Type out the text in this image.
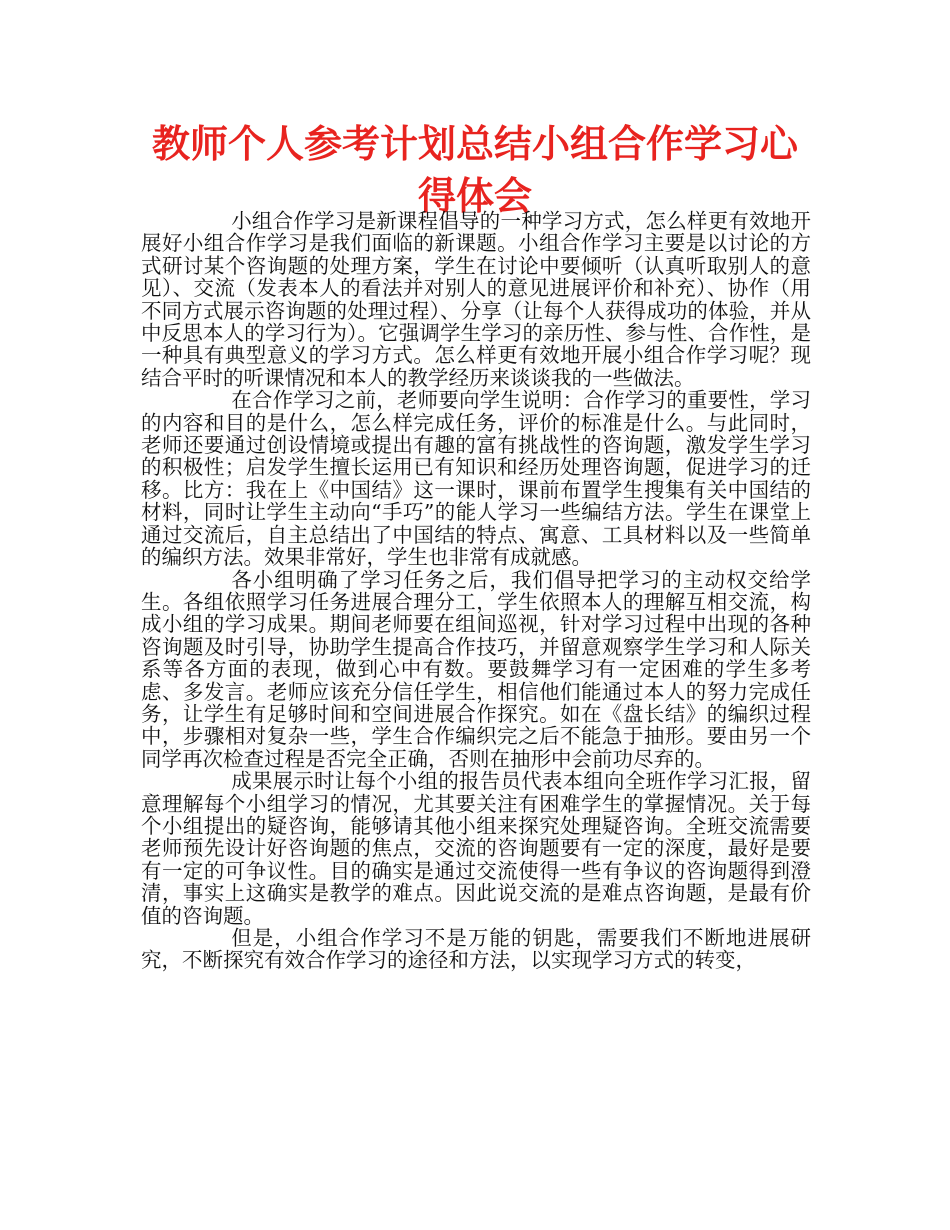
教师个人参考计划总结小组合作学习心得体会

小组合作学习是新课程倡导的一种学习方式，怎么样更有效地开展好小组合作学习是我们面临的新课题。小组合作学习主要是以讨论的方式研讨某个咨询题的处理方案，学生在讨论中要倾听（认真听取别人的意见）、交流（发表本人的看法并对别人的意见进展评价和补充）、协作（用不同方式展示咨询题的处理过程）、分享（让每个人获得成功的体验，并从中反思本人的学习行为）。它强调学生学习的亲历性、参与性、合作性，是一种具有典型意义的学习方式。怎么样更有效地开展小组合作学习呢？现结合平时的听课情况和本人的教学经历来谈谈我的一些做法。

在合作学习之前，老师要向学生说明：合作学习的重要性，学习的内容和目的是什么，怎么样完成任务，评价的标准是什么。与此同时，老师还要通过创设情境或提出有趣的富有挑战性的咨询题，激发学生学习的积极性；启发学生擅长运用已有知识和经历处理咨询题，促进学习的迁移。比方：我在上《中国结》这一课时，课前布置学生搜集有关中国结的材料，同时让学生主动向“手巧”的能人学习一些编结方法。学生在课堂上通过交流后，自主总结出了中国结的特点、寓意、工具材料以及一些简单的编织方法。效果非常好，学生也非常有成就感。

各小组明确了学习任务之后，我们倡导把学习的主动权交给学生。各组依照学习任务进展合理分工，学生依照本人的理解互相交流，构成小组的学习成果。期间老师要在组间巡视，针对学习过程中出现的各种咨询题及时引导，协助学生提高合作技巧，并留意观察学生学习和人际关系等各方面的表现，做到心中有数。要鼓舞学习有一定困难的学生多考虑、多发言。老师应该充分信任学生，相信他们能通过本人的努力完成任务，让学生有足够时间和空间进展合作探究。如在《盘长结》的编织过程中，步骤相对复杂一些，学生合作编织完之后不能急于抽形。要由另一个同学再次检查过程是否完全正确，否则在抽形中会前功尽弃的。

成果展示时让每个小组的报告员代表本组向全班作学习汇报，留意理解每个小组学习的情况，尤其要关注有困难学生的掌握情况。关于每个小组提出的疑咨询，能够请其他小组来探究处理疑咨询。全班交流需要老师预先设计好咨询题的焦点，交流的咨询题要有一定的深度，最好是要有一定的可争议性。目的确实是通过交流使得一些有争议的咨询题得到澄清，事实上这确实是教学的难点。因此说交流的是难点咨询题，是最有价值的咨询题。

但是，小组合作学习不是万能的钥匙，需要我们不断地进展研究，不断探究有效合作学习的途径和方法，以实现学习方式的转变，
